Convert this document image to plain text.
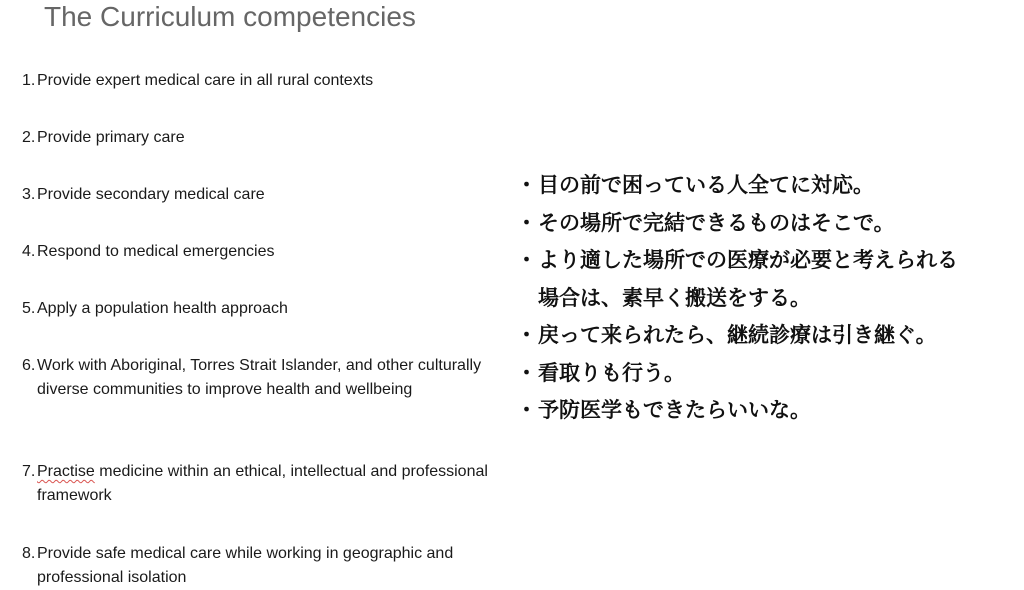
The Curriculum competencies
1. Provide expert medical care in all rural contexts
2. Provide primary care
3. Provide secondary medical care
4. Respond to medical emergencies
5. Apply a population health approach
6. Work with Aboriginal, Torres Strait Islander, and other culturally diverse communities to improve health and wellbeing
7. Practise medicine within an ethical, intellectual and professional framework
8. Provide safe medical care while working in geographic and professional isolation
・ 目の前で困っている人全てに対応。
・ その場所で完結できるものはそこで。
・ より適した場所での医療が必要と考えられる場合は、素早く搬送をする。
・ 戻って来られたら、継続診療は引き継ぐ。
・ 看取りも行う。
・ 予防医学もできたらいいな。
